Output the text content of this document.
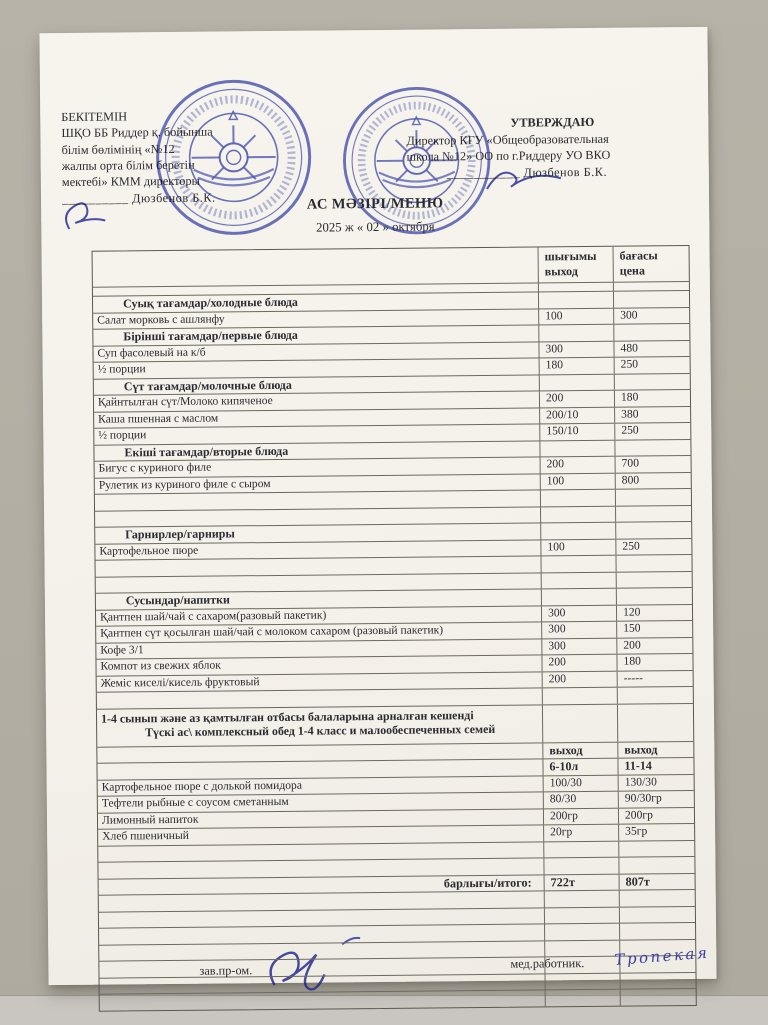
БЕКІТЕМІН
ШҚО ББ Риддер қ. бойынша
білім бөлімінің «№12
жалпы орта білім беретін
мектебі» КММ директоры
__________ Дюзбенов Б.К.
УТВЕРЖДАЮ
Директор КГУ «Общеобразовательная
школа №12» ОО по г.Риддеру УО ВКО
___________ Дюзбенов Б.К.
АС МӘЗІРІ/МЕНЮ
2025 ж « 02 » октября
шығымы
выход
бағасы
цена
Суық тағамдар/холодные блюда
Салат морковь с ашлянфу	100	300
Бірінші тағамдар/первые блюда
Суп фасолевый на к/б	300	480
½ порции	180	250
Сүт тағамдар/молочные блюда
Қайнтылған сүт/Молоко кипяченое	200	180
Каша пшенная с маслом	200/10	380
½ порции	150/10	250
Екіші тағамдар/вторые блюда
Бигус с куриного филе	200	700
Рулетик из куриного филе с сыром	100	800
Гарнирлер/гарниры
Картофельное пюре	100	250
Сусындар/напитки
Қантпен шай/чай с сахаром(разовый пакетик)	300	120
Қантпен сүт қосылған шай/чай с молоком сахаром (разовый пакетик)	300	150
Кофе 3/1	300	200
Компот из свежих яблок	200	180
Жеміс киселі/кисель фруктовый	200	-----
1-4 сынып және аз қамтылған отбасы балаларына арналған кешенді
Түскі ас\ комплексный обед 1-4 класс и малообеспеченных семей
выход	выход
6-10л	11-14
Картофельное пюре с долькой помидора	100/30	130/30
Тефтели рыбные с соусом сметанным	80/30	90/30гр
Лимонный напиток	200гр	200гр
Хлеб пшеничный	20гр	35гр
барлығы/итого:	722т	807т
зав.пр-ом.	мед.работник. Тропекая
